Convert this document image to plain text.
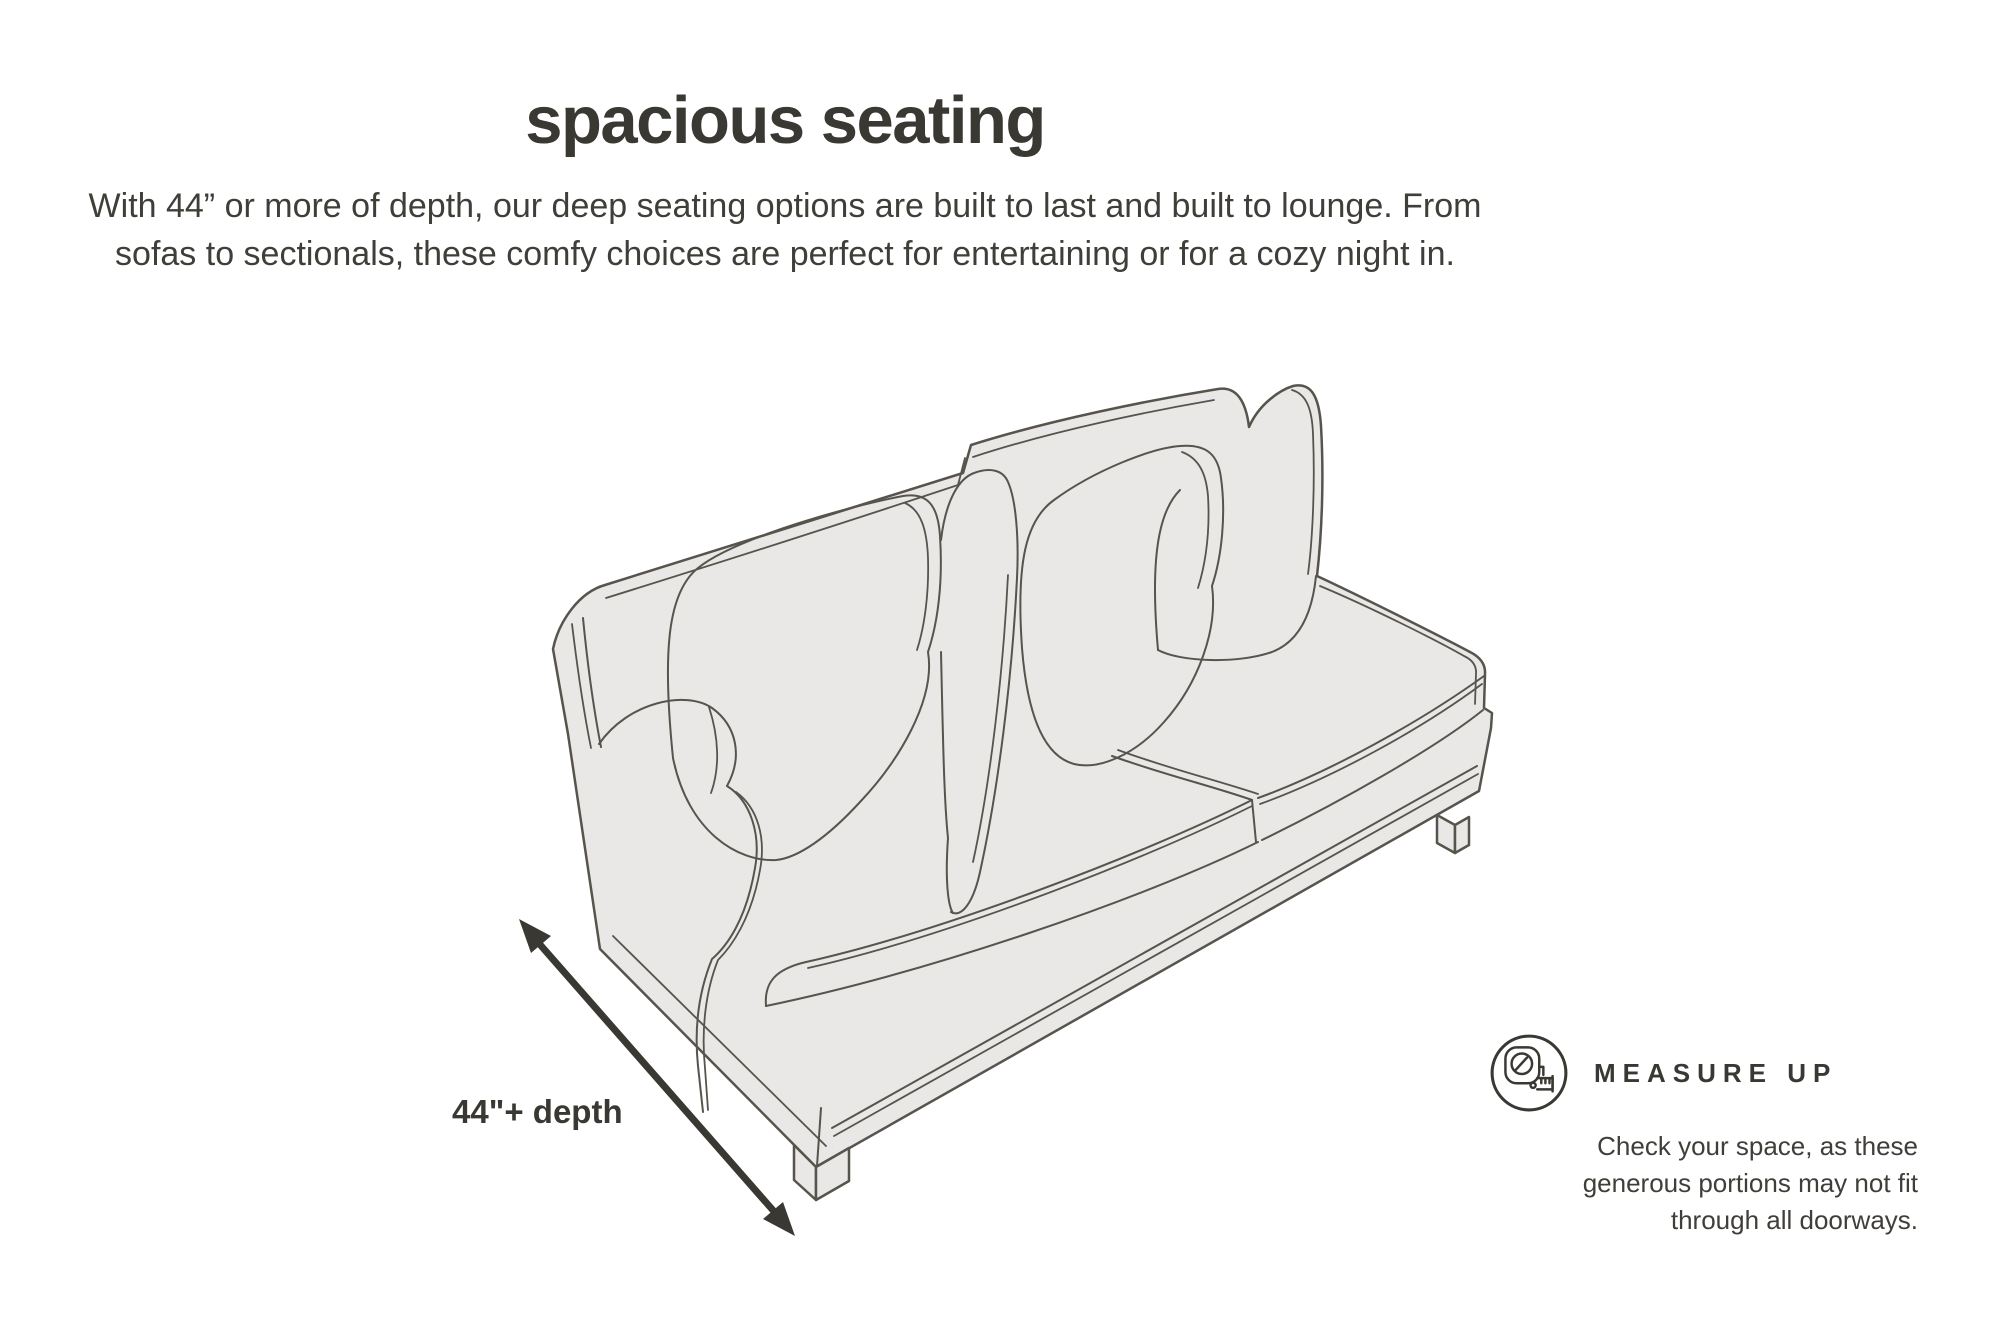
spacious seating

With 44” or more of depth, our deep seating options are built to last and built to lounge. From sofas to sectionals, these comfy choices are perfect for entertaining or for a cozy night in.

44"+ depth
MEASURE UP

Check your space, as these generous portions may not fit through all doorways.
